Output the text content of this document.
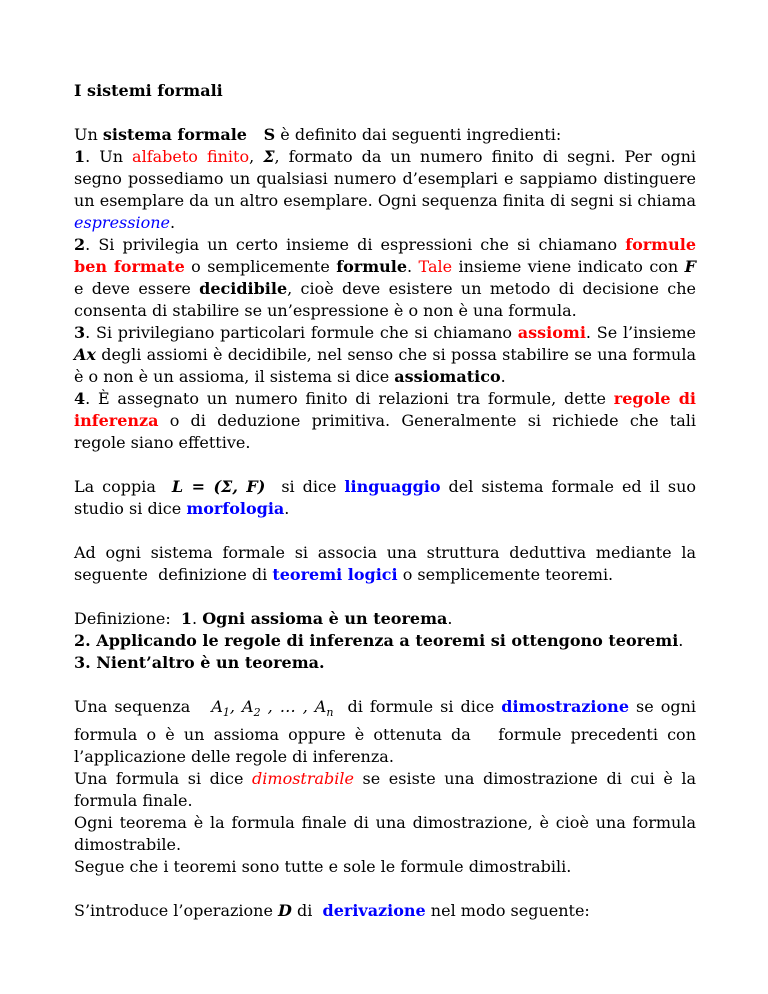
I sistemi formali

Un sistema formale   S è definito dai seguenti ingredienti:

1. Un alfabeto finito, Σ, formato da un numero finito di segni. Per ogni segno possediamo un qualsiasi numero d’esemplari e sappiamo distinguere un esemplare da un altro esemplare. Ogni sequenza finita di segni si chiama espressione.

2. Si privilegia un certo insieme di espressioni che si chiamano formule ben formate o semplicemente formule. Tale insieme viene indicato con F e deve essere decidibile, cioè deve esistere un metodo di decisione che consenta di stabilire se un’espressione è o non è una formula.

3. Si privilegiano particolari formule che si chiamano assiomi. Se l’insieme Ax degli assiomi è decidibile, nel senso che si possa stabilire se una formula è o non è un assioma, il sistema si dice assiomatico.

4. È assegnato un numero finito di relazioni tra formule, dette regole di inferenza o di deduzione primitiva. Generalmente si richiede che tali regole siano effettive.

La coppia  L = (Σ, F)  si dice linguaggio del sistema formale ed il suo studio si dice morfologia.

Ad ogni sistema formale si associa una struttura deduttiva mediante la seguente  definizione di teoremi logici o semplicemente teoremi.

Definizione:  1. Ogni assioma è un teorema.

2. Applicando le regole di inferenza a teoremi si ottengono teoremi.

3. Nient’altro è un teorema.

Una sequenza   $A_1$, $A_2$ , … , $A_n$  di formule si dice dimostrazione se ogni formula o è un assioma oppure è ottenuta da   formule precedenti con l’applicazione delle regole di inferenza.

Una formula si dice dimostrabile se esiste una dimostrazione di cui è la formula finale.

Ogni teorema è la formula finale di una dimostrazione, è cioè una formula dimostrabile.

Segue che i teoremi sono tutte e sole le formule dimostrabili.

S’introduce l’operazione D di  derivazione nel modo seguente:
